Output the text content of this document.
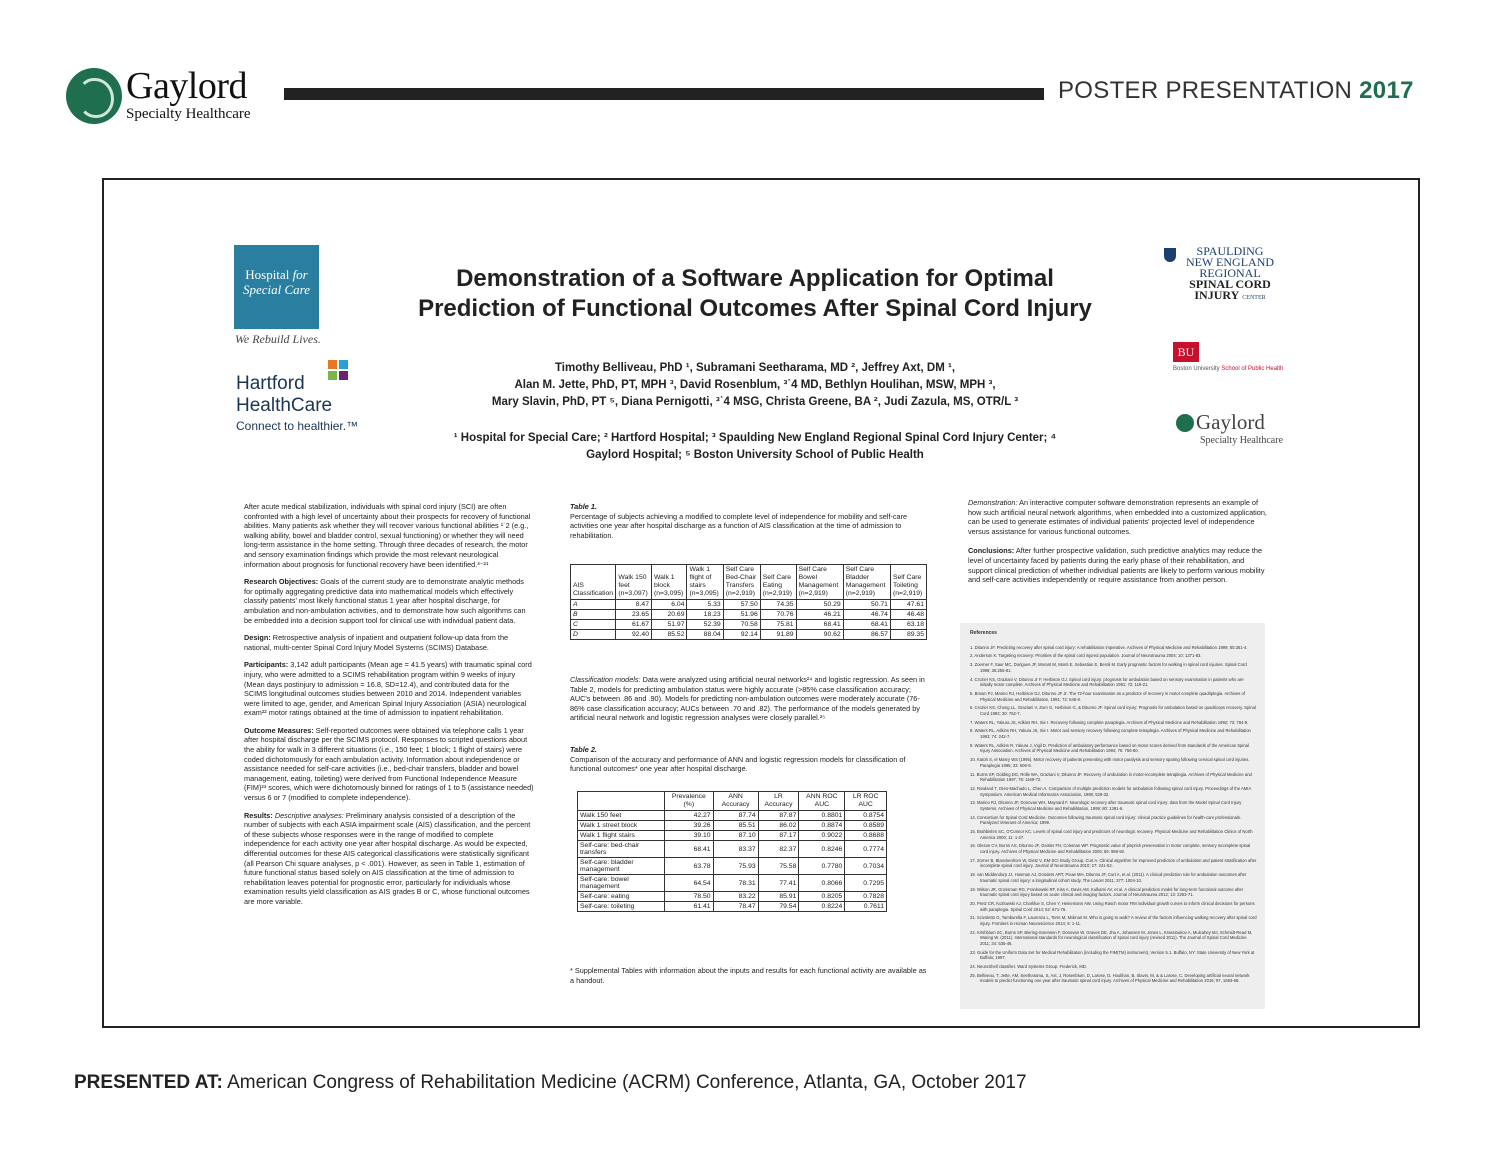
Gaylord
Specialty Healthcare
POSTER PRESENTATION 2017
Hospital for
Special Care
We Rebuild Lives.
Hartford
HealthCare
Connect to healthier.™
SPAULDING
NEW ENGLAND
REGIONAL
SPINAL CORD
INJURY CENTER
BU
Boston University School of Public Health
Gaylord
Specialty Healthcare
Demonstration of a Software Application for Optimal
Prediction of Functional Outcomes After Spinal Cord Injury
Timothy Belliveau, PhD ¹, Subramani Seetharama, MD ², Jeffrey Axt, DM ¹,
Alan M. Jette, PhD, PT, MPH ³, David Rosenblum, ³˙4 MD, Bethlyn Houlihan, MSW, MPH ³,
Mary Slavin, PhD, PT ⁵, Diana Pernigotti, ³˙4 MSG, Christa Greene, BA ², Judi Zazula, MS, OTR/L ³
¹ Hospital for Special Care; ² Hartford Hospital; ³ Spaulding New England Regional Spinal Cord Injury Center; ⁴
Gaylord Hospital; ⁵ Boston University School of Public Health

After acute medical stabilization, individuals with spinal cord injury (SCI) are often confronted with a high level of uncertainty about their prospects for recovery of functional abilities. Many patients ask whether they will recover various functional abilities ¹˙2 (e.g., walking ability, bowel and bladder control, sexual functioning) or whether they will need long-term assistance in the home setting. Through three decades of research, the motor and sensory examination findings which provide the most relevant neurological information about prognosis for functional recovery have been identified.³⁻²¹

Research Objectives: Goals of the current study are to demonstrate analytic methods for optimally aggregating predictive data into mathematical models which effectively classify patients' most likely functional status 1 year after hospital discharge, for ambulation and non-ambulation activities, and to demonstrate how such algorithms can be embedded into a decision support tool for clinical use with individual patient data.

Design: Retrospective analysis of inpatient and outpatient follow-up data from the national, multi-center Spinal Cord Injury Model Systems (SCIMS) Database.

Participants: 3,142 adult participants (Mean age = 41.5 years) with traumatic spinal cord injury, who were admitted to a SCIMS rehabilitation program within 9 weeks of injury (Mean days postinjury to admission = 16.8, SD=12.4), and contributed data for the SCIMS longitudinal outcomes studies between 2010 and 2014. Independent variables were limited to age, gender, and American Spinal Injury Association (ASIA) neurological exam²² motor ratings obtained at the time of admission to inpatient rehabilitation.

Outcome Measures: Self-reported outcomes were obtained via telephone calls 1 year after hospital discharge per the SCIMS protocol. Responses to scripted questions about the ability for walk in 3 different situations (i.e., 150 feet; 1 block; 1 flight of stairs) were coded dichotomously for each ambulation activity. Information about independence or assistance needed for self-care activities (i.e., bed-chair transfers, bladder and bowel management, eating, toileting) were derived from Functional Independence Measure (FIM)²³ scores, which were dichotomously binned for ratings of 1 to 5 (assistance needed) versus 6 or 7 (modified to complete independence).

Results: Descriptive analyses: Preliminary analysis consisted of a description of the number of subjects with each ASIA impairment scale (AIS) classification, and the percent of these subjects whose responses were in the range of modified to complete independence for each activity one year after hospital discharge. As would be expected, differential outcomes for these AIS categorical classifications were statistically significant (all Pearson Chi square analyses, p < .001). However, as seen in Table 1, estimation of future functional status based solely on AIS classification at the time of admission to rehabilitation leaves potential for prognostic error, particularly for individuals whose examination results yield classification as AIS grades B or C, whose functional outcomes are more variable.

Table 1.
Percentage of subjects achieving a modified to complete level of independence for mobility and self-care activities one year after hospital discharge as a function of AIS classification at the time of admission to rehabilitation.
AIS Classification	Walk 150 feet (n=3,097)	Walk 1 block (n=3,095)	Walk 1 flight of stairs (n=3,095)	Self Care Bed-Chair Transfers (n=2,919)	Self Care Eating (n=2,919)	Self Care Bowel Management (n=2,919)	Self Care Bladder Management (n=2,919)	Self Care Toileting (n=2,919)
A	8.47	6.04	5.33	57.50	74.35	50.29	50.71	47.61
B	23.65	20.69	18.23	51.96	70.76	46.21	46.74	46.48
C	61.67	51.97	52.39	70.58	75.81	68.41	68.41	63.18
D	92.40	85.52	88.04	92.14	91.89	90.62	86.57	89.35

Classification models: Data were analyzed using artificial neural networks²⁴ and logistic regression. As seen in Table 2, models for predicting ambulation status were highly accurate (>85% case classification accuracy; AUC's between .86 and .90). Models for predicting non-ambulation outcomes were moderately accurate (76-86% case classification accuracy; AUCs between .70 and .82). The performance of the models generated by artificial neural network and logistic regression analyses were closely parallel.²⁵

Table 2.
Comparison of the accuracy and performance of ANN and logistic regression models for classification of functional outcomes* one year after hospital discharge.
	Prevalence (%)	ANN Accuracy	LR Accuracy	ANN ROC AUC	LR ROC AUC
Walk 150 feet	42.27	87.74	87.87	0.8801	0.8754
Walk 1 street block	39.26	85.51	86.02	0.8874	0.8589
Walk 1 flight stairs	39.10	87.10	87.17	0.9022	0.8688
Self-care: bed-chair transfers	68.41	83.37	82.37	0.8246	0.7774
Self-care: bladder management	63.78	75.93	75.58	0.7780	0.7034
Self-care: bowel management	64.54	78.31	77.41	0.8066	0.7295
Self-care: eating	78.50	83.22	85.91	0.8205	0.7828
Self-care: toileting	61.41	78.47	79.54	0.8224	0.7611
* Supplemental Tables with information about the inputs and results for each functional activity are available as a handout.

Demonstration: An interactive computer software demonstration represents an example of how such artificial neural network algorithms, when embedded into a customized application, can be used to generate estimates of individual patients' projected level of independence versus assistance for various functional outcomes.

Conclusions: After further prospective validation, such predictive analytics may reduce the level of uncertainty faced by patients during the early phase of their rehabilitation, and support clinical prediction of whether individual patients are likely to perform various mobility and self-care activities independently or require assistance from another person.

References
1. Ditunno JF. Predicting recovery after spinal cord injury: A rehabilitation imperative. Archives of Physical Medicine and Rehabilitation 1999; 80:361-4.
2. Anderson K. Targeting recovery: Priorities of the spinal cord injured population. Journal of Neurotrauma 2004; 10: 1371-83.
3. Zoerner F, Saur MC, Dorigues JF, Morant M, Monti E, Sebastian E, Beroli M. Early prognostic factors for walking in spinal cord injuries. Spinal Cord 1998; 36:255-61.
4. Crozier KS, Graziani V, Ditunno Jr F, Herbison GJ. Spinal cord injury: prognosis for ambulation based on sensory examination in patients who are initially motor complete. Archives of Physical Medicine and Rehabilitation 1991; 72: 119-21.
5. Brown PJ, Marino RJ, Herbison GJ, Ditunno JF Jr. The 72-hour examination as a predictor of recovery in motor complete quadriplegia. Archives of Physical Medicine and Rehabilitation, 1991; 72: 546-8.
6. Crozier KS, Cheng LL, Graziani V, Zorn G, Herbison G, & Ditunno JF. Spinal cord injury: Prognosis for ambulation based on quadriceps recovery. Spinal Cord 1992; 30: 762-7.
7. Waters RL, Yakura JS, Adkins RH, Sie I. Recovery following complete paraplegia. Archives of Physical Medicine and Rehabilitation 1992; 73: 784-9.
8. Waters RL, Adkins RH, Yakura JS, Sie I. Motor and sensory recovery following complete tetraplegia. Archives of Physical Medicine and Rehabilitation 1993; 74: 242-7.
9. Waters RL, Adkins R, Yakura J, Vigil D. Prediction of ambulatory performance based on motor scores derived from standards of the American Spinal Injury Association. Archives of Physical Medicine and Rehabilitation 1994; 75: 756-60.
10. Katoh S, el Masry WS (1995). Motor recovery of patients presenting with motor paralysis and sensory sparing following cervical spinal cord injuries. Paraplegia 1995; 33: 506-9.
11. Burns SP, Golding DG, Rolle WA, Graziani V, Ditunno JF. Recovery of ambulation in motor-incomplete tetraplegia. Archives of Physical Medicine and Rehabilitation 1997; 78: 1169-72.
12. Rowland T, Oreo-Machado L, Chen A. Comparison of multiple prediction models for ambulation following spinal cord injury. Proceedings of the AMIA Symposium. American Medical Informatics Association, 1998; 528-32.
13. Marino RJ, Ditunno JF, Donovan WH, Maynard F. Neurologic recovery after traumatic spinal cord injury: data from the Model Spinal Cord Injury Systems. Archives of Physical Medicine and Rehabilitation, 1999; 80: 1391-6.
14. Consortium for Spinal Cord Medicine. Outcomes following traumatic spinal cord injury: clinical practice guidelines for health-care professionals. Paralyzed Veterans of America; 1999.
15. Brahbishm SC, O'Connor KC. Levels of spinal cord injury and predictors of neurologic recovery. Physical Medicine and Rehabilitation Clinics of North America 2000; 11: 1-27.
16. Oleson CV, Burns AS, Ditunno JF, Geisler FH, Coleman WP. Prognostic value of pinprick preservation in motor complete, sensory incomplete spinal cord injury. Archives of Physical Medicine and Rehabilitation 2005; 86: 988-92.
17. Zorner B, Blanckenhorn W, Dietz V, EM-SCI Study Group, Curt A. Clinical algorithm for improved prediction of ambulation and patient stratification after incomplete spinal cord injury. Journal of Neurotrauma 2010; 27: 241-52.
18. van Middendorp JJ, Hosman AJ, Donders ART, Pouw MH, Ditunno JF, Curt A, et al. (2011). A clinical prediction rule for ambulation outcomes after traumatic spinal cord injury: a longitudinal cohort study. The Lancet 2011; 377: 1004-10.
19. Wilson JR, Grossman RG, Frankowski RF, Kiss A, Davis AM, Kulkarni AV, et al. A clinical prediction model for long-term functional outcome after traumatic spinal cord injury based on acute clinical and imaging factors. Journal of Neurotrauma 2012; 13: 2263-71.
20. Pretz CR, Kozlowski AJ, Charlifue S, Chen Y, Heinemann AW. Using Rasch motor FIM individual growth curves to inform clinical decisions for persons with paraplegia. Spinal Cord 2014; 52: 671-76.
21. Scivoletto G, Tamburella F, Laurenza L, Torre M, Molinari M. Who is going to walk? A review of the factors influencing walking recovery after spinal cord injury. Frontiers in Human Neuroscience 2014; 8: 1-11.
22. Kirshblum SC, Burns SP, Biering-Sorensen F, Donovan W, Graves DE, Jha A, Johansen M, Jones L, Krassioukov A, Mulcahey MJ, Schmidt-Read M, Waring W. (2011). International standards for neurological classification of spinal cord injury (revised 2011). The Journal of Spinal Cord Medicine 2011; 34: 535-46.
23. Guide for the Uniform Data Set for Medical Rehabilitation (including the FIM(TM) instrument), Version 5.1. Buffalo, NY: State University of New York at Buffalo; 1997.
24. NeuroShell classifier. Ward Systems Group. Frederick, MD.
25. Belliveau, T, Jette, AM, Seetharama, S, Axt, J, Rosenblum, D, Larose, D, Houlihan, B, Slavin, M, & & Larose, C. Developing artificial neural network models to predict functioning one year after traumatic spinal cord injury. Archives of Physical Medicine and Rehabilitation 2016; 97, 1663-68.
PRESENTED AT: American Congress of Rehabilitation Medicine (ACRM) Conference, Atlanta, GA, October 2017
